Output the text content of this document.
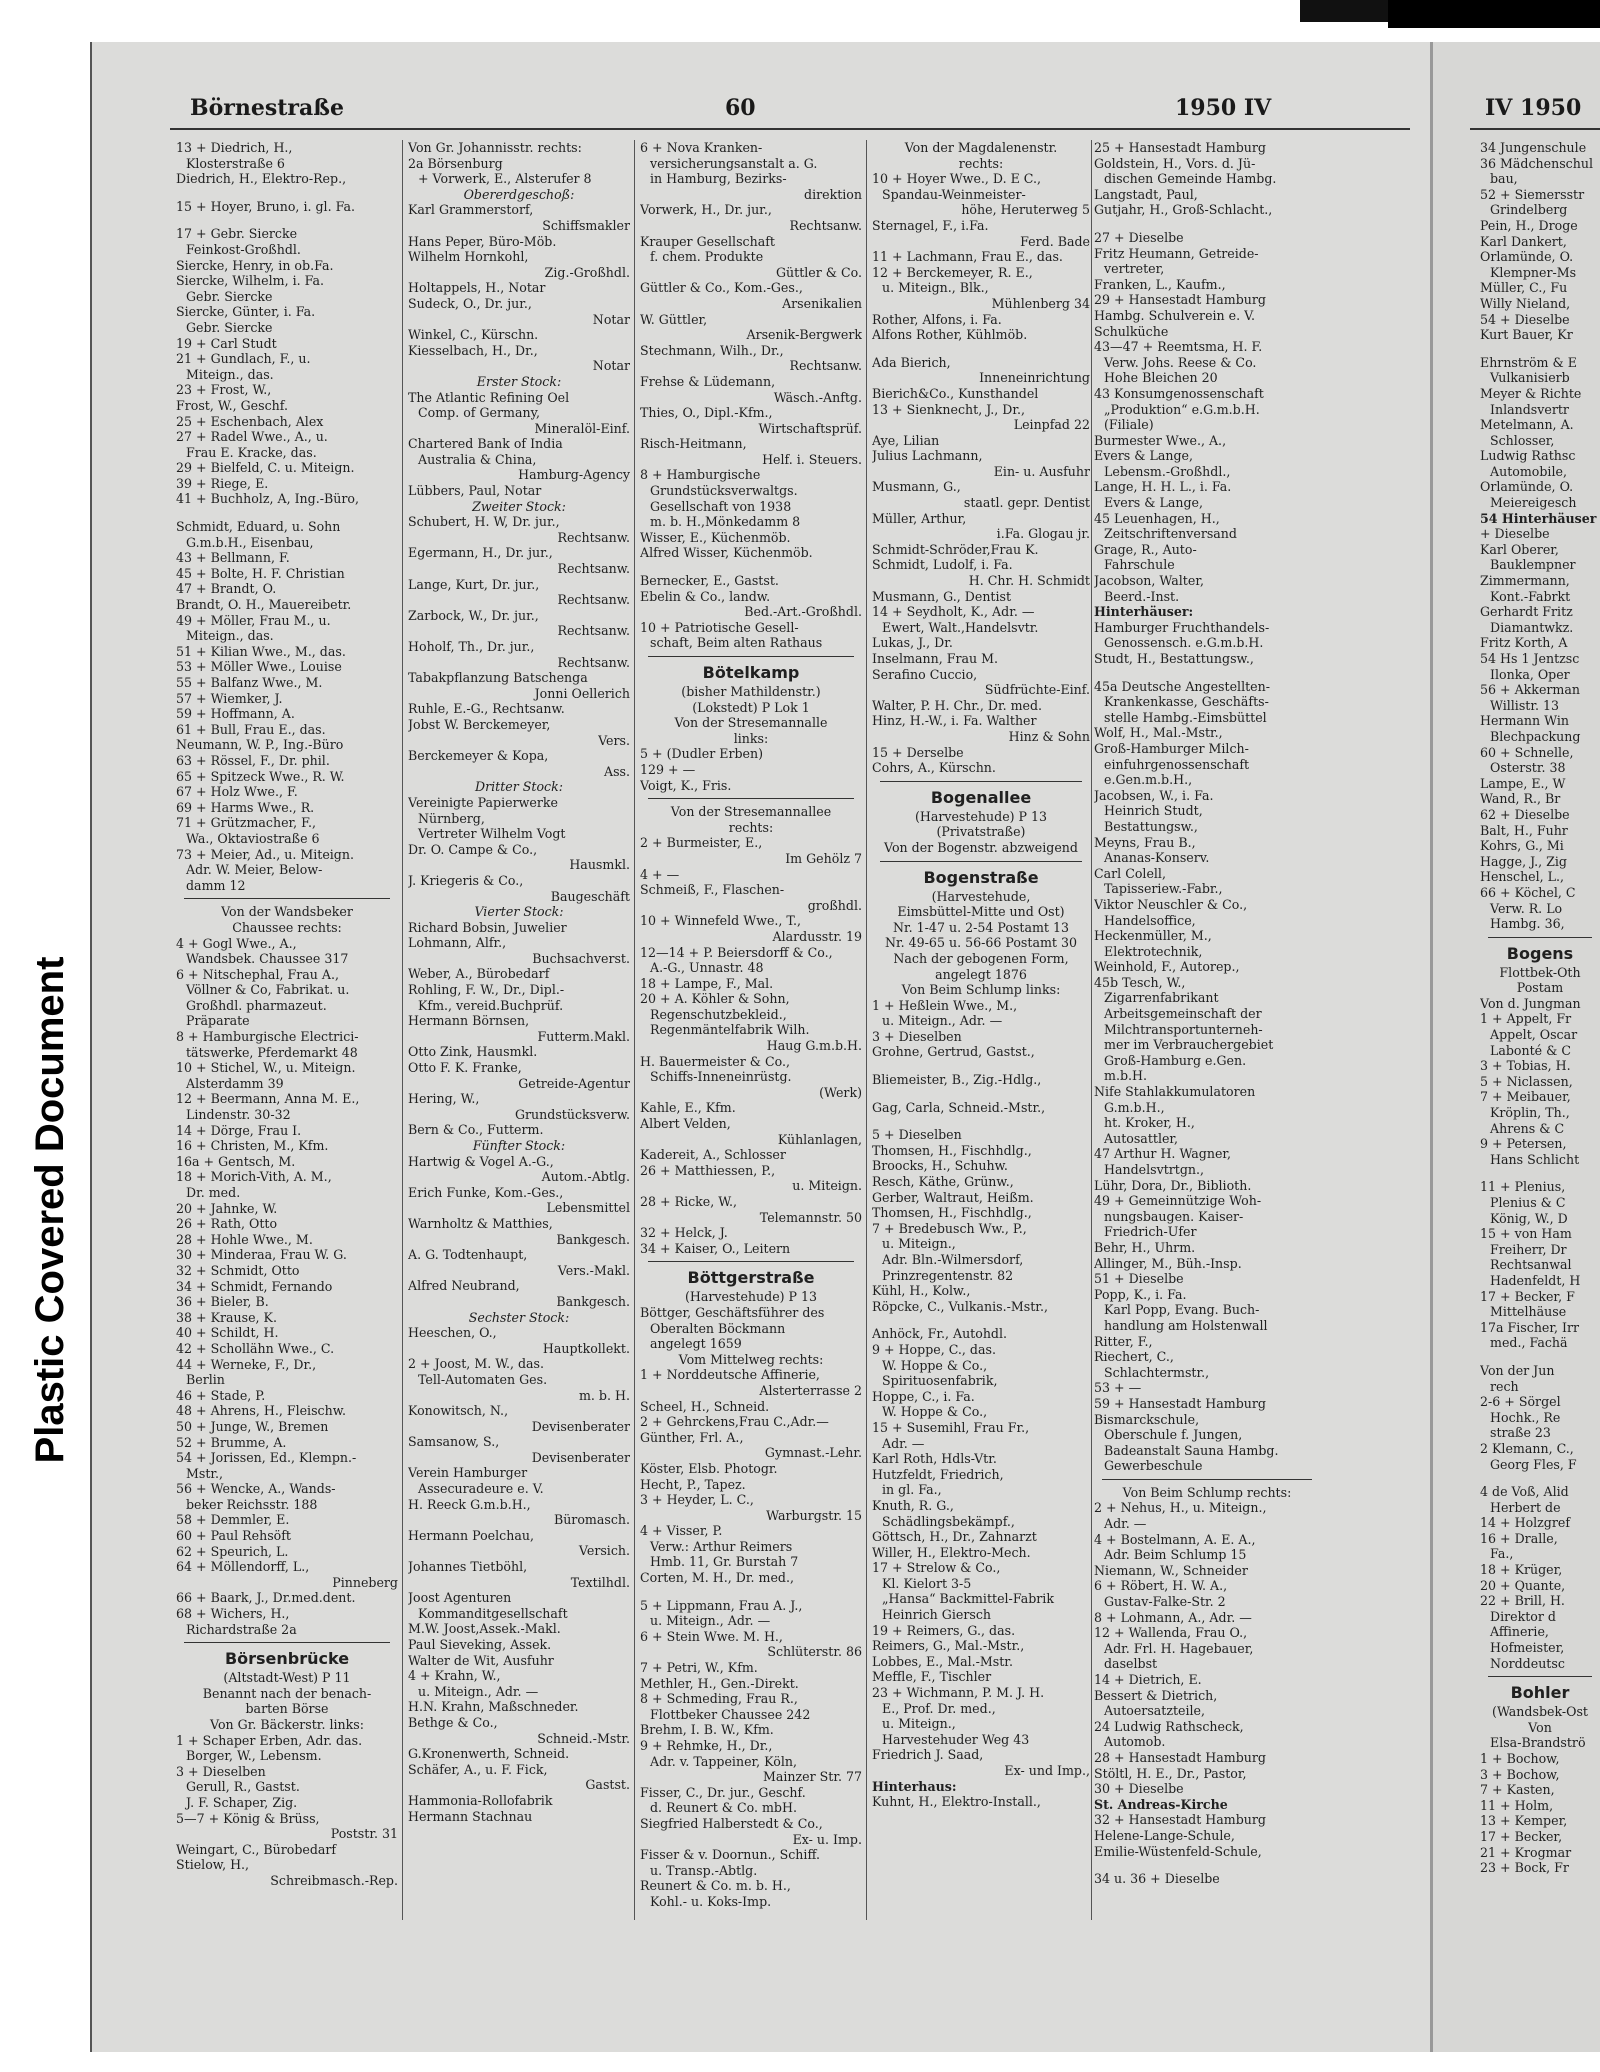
Plastic Covered Document
Börnestraße	60	1950 IV	IV 1950
13 + Diedrich, H.,
Klosterstraße 6
Diedrich, H., Elektro-Rep.,
15 + Hoyer, Bruno, i. gl. Fa.
17 + Gebr. Siercke
Feinkost-Großhdl.
Siercke, Henry, in ob.Fa.
Siercke, Wilhelm, i. Fa.
Gebr. Siercke
Siercke, Günter, i. Fa.
Gebr. Siercke
19 + Carl Studt
21 + Gundlach, F., u.
Miteign., das.
23 + Frost, W.,
Frost, W., Geschf.
25 + Eschenbach, Alex
27 + Radel Wwe., A., u.
Frau E. Kracke, das.
29 + Bielfeld, C. u. Miteign.
39 + Riege, E.
41 + Buchholz, A, Ing.-Büro,
Schmidt, Eduard, u. Sohn
G.m.b.H., Eisenbau,
43 + Bellmann, F.
45 + Bolte, H. F. Christian
47 + Brandt, O.
Brandt, O. H., Mauereibetr.
49 + Möller, Frau M., u.
Miteign., das.
51 + Kilian Wwe., M., das.
53 + Möller Wwe., Louise
55 + Balfanz Wwe., M.
57 + Wiemker, J.
59 + Hoffmann, A.
61 + Bull, Frau E., das.
Neumann, W. P., Ing.-Büro
63 + Rössel, F., Dr. phil.
65 + Spitzeck Wwe., R. W.
67 + Holz Wwe., F.
69 + Harms Wwe., R.
71 + Grützmacher, F.,
Wa., Oktaviostraße 6
73 + Meier, Ad., u. Miteign.
Adr. W. Meier, Below-
damm 12
Von der Wandsbeker
Chaussee rechts:
4 + Gogl Wwe., A.,
Wandsbek. Chaussee 317
6 + Nitschephal, Frau A.,
Völlner & Co, Fabrikat. u.
Großhdl. pharmazeut.
Präparate
8 + Hamburgische Electrici-
tätswerke, Pferdemarkt 48
10 + Stichel, W., u. Miteign.
Alsterdamm 39
12 + Beermann, Anna M. E.,
Lindenstr. 30-32
14 + Dörge, Frau I.
16 + Christen, M., Kfm.
16a + Gentsch, M.
18 + Morich-Vith, A. M.,
Dr. med.
20 + Jahnke, W.
26 + Rath, Otto
28 + Hohle Wwe., M.
30 + Minderaa, Frau W. G.
32 + Schmidt, Otto
34 + Schmidt, Fernando
36 + Bieler, B.
38 + Krause, K.
40 + Schildt, H.
42 + Schollähn Wwe., C.
44 + Werneke, F., Dr.,
Berlin
46 + Stade, P.
48 + Ahrens, H., Fleischw.
50 + Junge, W., Bremen
52 + Brumme, A.
54 + Jorissen, Ed., Klempn.-
Mstr.,
56 + Wencke, A., Wands-
beker Reichsstr. 188
58 + Demmler, E.
60 + Paul Rehsöft
62 + Speurich, L.
64 + Möllendorff, L.,
Pinneberg
66 + Baark, J., Dr.med.dent.
68 + Wichers, H.,
Richardstraße 2a
Börsenbrücke
(Altstadt-West) P 11
Benannt nach der benach-
barten Börse
Von Gr. Bäckerstr. links:
1 + Schaper Erben, Adr. das.
Borger, W., Lebensm.
3 + Dieselben
Gerull, R., Gastst.
J. F. Schaper, Zig.
5—7 + König & Brüss,
Poststr. 31
Weingart, C., Bürobedarf
Stielow, H.,
Schreibmasch.-Rep.
Von Gr. Johannisstr. rechts:
2a Börsenburg
+ Vorwerk, E., Alsterufer 8
Obererdgeschoß:
Karl Grammerstorf,
Schiffsmakler
Hans Peper, Büro-Möb.
Wilhelm Hornkohl,
Zig.-Großhdl.
Holtappels, H., Notar
Sudeck, O., Dr. jur.,
Notar
Winkel, C., Kürschn.
Kiesselbach, H., Dr.,
Notar
Erster Stock:
The Atlantic Refining Oel
Comp. of Germany,
Mineralöl-Einf.
Chartered Bank of India
Australia & China,
Hamburg-Agency
Lübbers, Paul, Notar
Zweiter Stock:
Schubert, H. W, Dr. jur.,
Rechtsanw.
Egermann, H., Dr. jur.,
Rechtsanw.
Lange, Kurt, Dr. jur.,
Rechtsanw.
Zarbock, W., Dr. jur.,
Rechtsanw.
Hoholf, Th., Dr. jur.,
Rechtsanw.
Tabakpflanzung Batschenga
Jonni Oellerich
Ruhle, E.-G., Rechtsanw.
Jobst W. Berckemeyer,
Vers.
Berckemeyer & Kopa,
Ass.
Dritter Stock:
Vereinigte Papierwerke
Nürnberg,
Vertreter Wilhelm Vogt
Dr. O. Campe & Co.,
Hausmkl.
J. Kriegeris & Co.,
Baugeschäft
Vierter Stock:
Richard Bobsin, Juwelier
Lohmann, Alfr.,
Buchsachverst.
Weber, A., Bürobedarf
Rohling, F. W., Dr., Dipl.-
Kfm., vereid.Buchprüf.
Hermann Börnsen,
Futterm.Makl.
Otto Zink, Hausmkl.
Otto F. K. Franke,
Getreide-Agentur
Hering, W.,
Grundstücksverw.
Bern & Co., Futterm.
Fünfter Stock:
Hartwig & Vogel A.-G.,
Autom.-Abtlg.
Erich Funke, Kom.-Ges.,
Lebensmittel
Warnholtz & Matthies,
Bankgesch.
A. G. Todtenhaupt,
Vers.-Makl.
Alfred Neubrand,
Bankgesch.
Sechster Stock:
Heeschen, O.,
Hauptkollekt.
2 + Joost, M. W., das.
Tell-Automaten Ges.
m. b. H.
Konowitsch, N.,
Devisenberater
Samsanow, S.,
Devisenberater
Verein Hamburger
Assecuradeure e. V.
H. Reeck G.m.b.H.,
Büromasch.
Hermann Poelchau,
Versich.
Johannes Tietböhl,
Textilhdl.
Joost Agenturen
Kommanditgesellschaft
M.W. Joost,Assek.-Makl.
Paul Sieveking, Assek.
Walter de Wit, Ausfuhr
4 + Krahn, W.,
u. Miteign., Adr. —
H.N. Krahn, Maßschneder.
Bethge & Co.,
Schneid.-Mstr.
G.Kronenwerth, Schneid.
Schäfer, A., u. F. Fick,
Gastst.
Hammonia-Rollofabrik
Hermann Stachnau
6 + Nova Kranken-
versicherungsanstalt a. G.
in Hamburg, Bezirks-
direktion
Vorwerk, H., Dr. jur.,
Rechtsanw.
Krauper Gesellschaft
f. chem. Produkte
Güttler & Co.
Güttler & Co., Kom.-Ges.,
Arsenikalien
W. Güttler,
Arsenik-Bergwerk
Stechmann, Wilh., Dr.,
Rechtsanw.
Frehse & Lüdemann,
Wäsch.-Anftg.
Thies, O., Dipl.-Kfm.,
Wirtschaftsprüf.
Risch-Heitmann,
Helf. i. Steuers.
8 + Hamburgische
Grundstücksverwaltgs.
Gesellschaft von 1938
m. b. H.,Mönkedamm 8
Wisser, E., Küchenmöb.
Alfred Wisser, Küchenmöb.
Bernecker, E., Gastst.
Ebelin & Co., landw.
Bed.-Art.-Großhdl.
10 + Patriotische Gesell-
schaft, Beim alten Rathaus
Bötelkamp
(bisher Mathildenstr.)
(Lokstedt) P Lok 1
Von der Stresemannalle
links:
5 + (Dudler Erben)
129 + —
Voigt, K., Fris.
Von der Stresemannallee
rechts:
2 + Burmeister, E.,
Im Gehölz 7
4 + —
Schmeiß, F., Flaschen-
großhdl.
10 + Winnefeld Wwe., T.,
Alardusstr. 19
12—14 + P. Beiersdorff & Co.,
A.-G., Unnastr. 48
18 + Lampe, F., Mal.
20 + A. Köhler & Sohn,
Regenschutzbekleid.,
Regenmäntelfabrik Wilh.
Haug G.m.b.H.
H. Bauermeister & Co.,
Schiffs-Inneneinrüstg.
(Werk)
Kahle, E., Kfm.
Albert Velden,
Kühlanlagen,
Kadereit, A., Schlosser
26 + Matthiessen, P.,
u. Miteign.
28 + Ricke, W.,
Telemannstr. 50
32 + Helck, J.
34 + Kaiser, O., Leitern
Böttgerstraße
(Harvestehude) P 13
Böttger, Geschäftsführer des
Oberalten Böckmann
angelegt 1659
Vom Mittelweg rechts:
1 + Norddeutsche Affinerie,
Alsterterrasse 2
Scheel, H., Schneid.
2 + Gehrckens,Frau C.,Adr.—
Günther, Frl. A.,
Gymnast.-Lehr.
Köster, Elsb. Photogr.
Hecht, P., Tapez.
3 + Heyder, L. C.,
Warburgstr. 15
4 + Visser, P.
Verw.: Arthur Reimers
Hmb. 11, Gr. Burstah 7
Corten, M. H., Dr. med.,
5 + Lippmann, Frau A. J.,
u. Miteign., Adr. —
6 + Stein Wwe. M. H.,
Schlüterstr. 86
7 + Petri, W., Kfm.
Methler, H., Gen.-Direkt.
8 + Schmeding, Frau R.,
Flottbeker Chaussee 242
Brehm, I. B. W., Kfm.
9 + Rehmke, H., Dr.,
Adr. v. Tappeiner, Köln,
Mainzer Str. 77
Fisser, C., Dr. jur., Geschf.
d. Reunert & Co. mbH.
Siegfried Halberstedt & Co.,
Ex- u. Imp.
Fisser & v. Doornun., Schiff.
u. Transp.-Abtlg.
Reunert & Co. m. b. H.,
Kohl.- u. Koks-Imp.
Von der Magdalenenstr.
rechts:
10 + Hoyer Wwe., D. E C.,
Spandau-Weinmeister-
höhe, Heruterweg 5
Sternagel, F., i.Fa.
Ferd. Bade
11 + Lachmann, Frau E., das.
12 + Berckemeyer, R. E.,
u. Miteign., Blk.,
Mühlenberg 34
Rother, Alfons, i. Fa.
Alfons Rother, Kühlmöb.
Ada Bierich,
Inneneinrichtung
Bierich&Co., Kunsthandel
13 + Sienknecht, J., Dr.,
Leinpfad 22
Aye, Lilian
Julius Lachmann,
Ein- u. Ausfuhr
Musmann, G.,
staatl. gepr. Dentist
Müller, Arthur,
i.Fa. Glogau jr.
Schmidt-Schröder,Frau K.
Schmidt, Ludolf, i. Fa.
H. Chr. H. Schmidt
Musmann, G., Dentist
14 + Seydholt, K., Adr. —
Ewert, Walt.,Handelsvtr.
Lukas, J., Dr.
Inselmann, Frau M.
Serafino Cuccio,
Südfrüchte-Einf.
Walter, P. H. Chr., Dr. med.
Hinz, H.-W., i. Fa. Walther
Hinz & Sohn
15 + Derselbe
Cohrs, A., Kürschn.
Bogenallee
(Harvestehude) P 13
(Privatstraße)
Von der Bogenstr. abzweigend
Bogenstraße
(Harvestehude,
Eimsbüttel-Mitte und Ost)
Nr. 1-47 u. 2-54 Postamt 13
Nr. 49-65 u. 56-66 Postamt 30
Nach der gebogenen Form,
angelegt 1876
Von Beim Schlump links:
1 + Heßlein Wwe., M.,
u. Miteign., Adr. —
3 + Dieselben
Grohne, Gertrud, Gastst.,
Bliemeister, B., Zig.-Hdlg.,
Gag, Carla, Schneid.-Mstr.,
5 + Dieselben
Thomsen, H., Fischhdlg.,
Broocks, H., Schuhw.
Resch, Käthe, Grünw.,
Gerber, Waltraut, Heißm.
Thomsen, H., Fischhdlg.,
7 + Bredebusch Ww., P.,
u. Miteign.,
Adr. Bln.-Wilmersdorf,
Prinzregentenstr. 82
Kühl, H., Kolw.,
Röpcke, C., Vulkanis.-Mstr.,
Anhöck, Fr., Autohdl.
9 + Hoppe, C., das.
W. Hoppe & Co.,
Spirituosenfabrik,
Hoppe, C., i. Fa.
W. Hoppe & Co.,
15 + Susemihl, Frau Fr.,
Adr. —
Karl Roth, Hdls-Vtr.
Hutzfeldt, Friedrich,
in gl. Fa.,
Knuth, R. G.,
Schädlingsbekämpf.,
Göttsch, H., Dr., Zahnarzt
Willer, H., Elektro-Mech.
17 + Strelow & Co.,
Kl. Kielort 3-5
„Hansa“ Backmittel-Fabrik
Heinrich Giersch
19 + Reimers, G., das.
Reimers, G., Mal.-Mstr.,
Lobbes, E., Mal.-Mstr.
Meffle, F., Tischler
23 + Wichmann, P. M. J. H.
E., Prof. Dr. med.,
u. Miteign.,
Harvestehuder Weg 43
Friedrich J. Saad,
Ex- und Imp.,
Hinterhaus:
Kuhnt, H., Elektro-Install.,
25 + Hansestadt Hamburg
Goldstein, H., Vors. d. Jü-
dischen Gemeinde Hambg.
Langstadt, Paul,
Gutjahr, H., Groß-Schlacht.,
27 + Dieselbe
Fritz Heumann, Getreide-
vertreter,
Franken, L., Kaufm.,
29 + Hansestadt Hamburg
Hambg. Schulverein e. V.
Schulküche
43—47 + Reemtsma, H. F.
Verw. Johs. Reese & Co.
Hohe Bleichen 20
43 Konsumgenossenschaft
„Produktion“ e.G.m.b.H.
(Filiale)
Burmester Wwe., A.,
Evers & Lange,
Lebensm.-Großhdl.,
Lange, H. H. L., i. Fa.
Evers & Lange,
45 Leuenhagen, H.,
Zeitschriftenversand
Grage, R., Auto-
Fahrschule
Jacobson, Walter,
Beerd.-Inst.
Hinterhäuser:
Hamburger Fruchthandels-
Genossensch. e.G.m.b.H.
Studt, H., Bestattungsw.,
45a Deutsche Angestellten-
Krankenkasse, Geschäfts-
stelle Hambg.-Eimsbüttel
Wolf, H., Mal.-Mstr.,
Groß-Hamburger Milch-
einfuhrgenossenschaft
e.Gen.m.b.H.,
Jacobsen, W., i. Fa.
Heinrich Studt,
Bestattungsw.,
Meyns, Frau B.,
Ananas-Konserv.
Carl Colell,
Tapisseriew.-Fabr.,
Viktor Neuschler & Co.,
Handelsoffice,
Heckenmüller, M.,
Elektrotechnik,
Weinhold, F., Autorep.,
45b Tesch, W.,
Zigarrenfabrikant
Arbeitsgemeinschaft der
Milchtransportunterneh-
mer im Verbrauchergebiet
Groß-Hamburg e.Gen.
m.b.H.
Nife Stahlakkumulatoren
G.m.b.H.,
ht. Kroker, H.,
Autosattler,
47 Arthur H. Wagner,
Handelsvtrtgn.,
Lühr, Dora, Dr., Biblioth.
49 + Gemeinnützige Woh-
nungsbaugen. Kaiser-
Friedrich-Ufer
Behr, H., Uhrm.
Allinger, M., Büh.-Insp.
51 + Dieselbe
Popp, K., i. Fa.
Karl Popp, Evang. Buch-
handlung am Holstenwall
Ritter, F.,
Riechert, C.,
Schlachtermstr.,
53 + —
59 + Hansestadt Hamburg
Bismarckschule,
Oberschule f. Jungen,
Badeanstalt Sauna Hambg.
Gewerbeschule
Von Beim Schlump rechts:
2 + Nehus, H., u. Miteign.,
Adr. —
4 + Bostelmann, A. E. A.,
Adr. Beim Schlump 15
Niemann, W., Schneider
6 + Röbert, H. W. A.,
Gustav-Falke-Str. 2
8 + Lohmann, A., Adr. —
12 + Wallenda, Frau O.,
Adr. Frl. H. Hagebauer,
daselbst
14 + Dietrich, E.
Bessert & Dietrich,
Autoersatzteile,
24 Ludwig Rathscheck,
Automob.
28 + Hansestadt Hamburg
Stöltl, H. E., Dr., Pastor,
30 + Dieselbe
St. Andreas-Kirche
32 + Hansestadt Hamburg
Helene-Lange-Schule,
Emilie-Wüstenfeld-Schule,
34 u. 36 + Dieselbe
34 Jungenschule
36 Mädchenschul
bau,
52 + Siemersstr
Grindelberg
Pein, H., Droge
Karl Dankert,
Orlamünde, O.
Klempner-Ms
Müller, C., Fu
Willy Nieland,
54 + Dieselbe
Kurt Bauer, Kr
Ehrnström & E
Vulkanisierb
Meyer & Richte
Inlandsvertr
Metelmann, A.
Schlosser,
Ludwig Rathsc
Automobile,
Orlamünde, O.
Meiereigesch
54 Hinterhäuser
+ Dieselbe
Karl Oberer,
Bauklempner
Zimmermann,
Kont.-Fabrkt
Gerhardt Fritz
Diamantwkz.
Fritz Korth, A
54 Hs 1 Jentzsc
Ilonka, Oper
56 + Akkerman
Willistr. 13
Hermann Win
Blechpackung
60 + Schnelle,
Osterstr. 38
Lampe, E., W
Wand, R., Br
62 + Dieselbe
Balt, H., Fuhr
Kohrs, G., Mi
Hagge, J., Zig
Henschel, L.,
66 + Köchel, C
Verw. R. Lo
Hambg. 36,
Bogens
Flottbek-Oth
Postam
Von d. Jungman
1 + Appelt, Fr
Appelt, Oscar
Labonté & C
3 + Tobias, H.
5 + Niclassen,
7 + Meibauer,
Kröplin, Th.,
Ahrens & C
9 + Petersen,
Hans Schlicht
11 + Plenius,
Plenius & C
König, W., D
15 + von Ham
Freiherr, Dr
Rechtsanwal
Hadenfeldt, H
17 + Becker, F
Mittelhäuse
17a Fischer, Irr
med., Fachä
Von der Jun
rech
2-6 + Sörgel
Hochk., Re
straße 23
2 Klemann, C.,
Georg Fles, F
4 de Voß, Alid
Herbert de
14 + Holzgref
16 + Dralle,
Fa.,
18 + Krüger,
20 + Quante,
22 + Brill, H.
Direktor d
Affinerie,
Hofmeister,
Norddeutsc
Bohler
(Wandsbek-Ost
Von
Elsa-Brandströ
1 + Bochow,
3 + Bochow,
7 + Kasten,
11 + Holm,
13 + Kemper,
17 + Becker,
21 + Krogmar
23 + Bock, Fr
